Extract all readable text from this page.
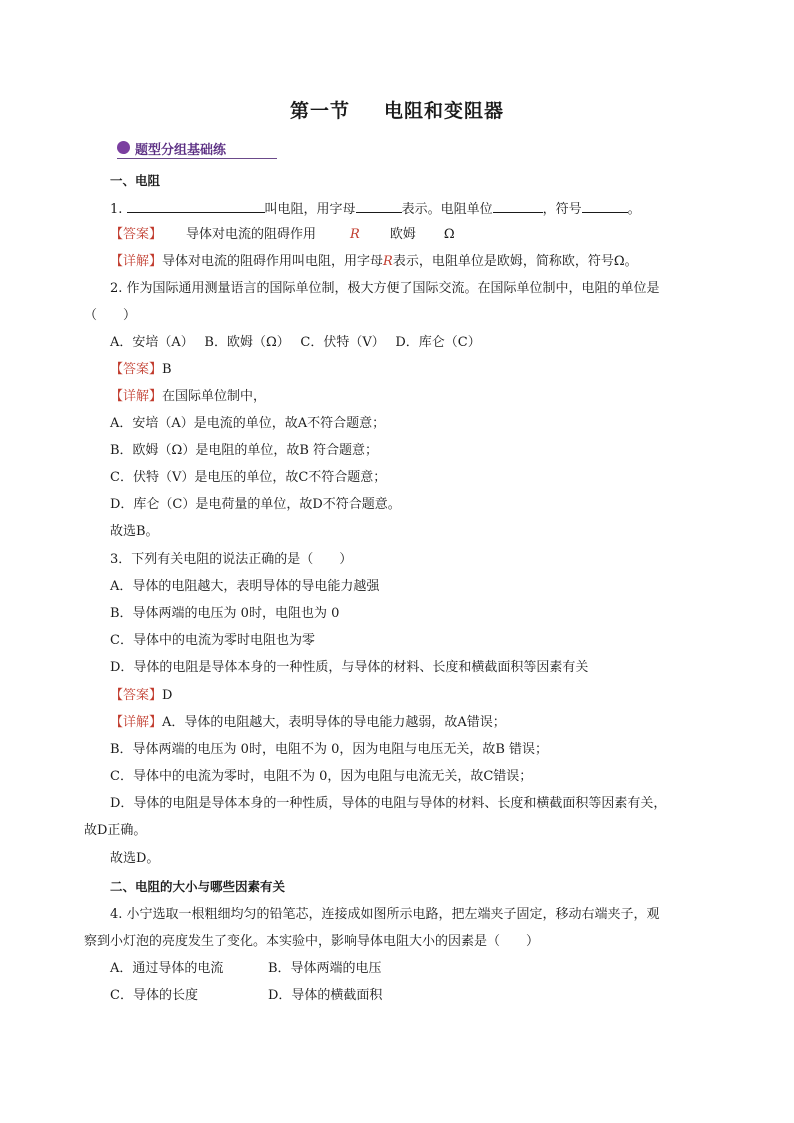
第一节 电阻和变阻器
题型分组基础练
一、电阻
1.	叫电阻，用字母	表示。电阻单位	，符号	。
【答案】 导体对电流的阻碍作用	R 欧姆 Ω
【详解】导体对电流的阻碍作用叫电阻，用字母R表示，电阻单位是欧姆，简称欧，符号Ω。
2. 作为国际通用测量语言的国际单位制，极大方便了国际交流。在国际单位制中，电阻的单位是
（　　）
A．安培（A）　 B．欧姆（Ω）　 C．伏特（V）　 D．库仑（C）
【答案】B
【详解】在国际单位制中，
A．安培（A）是电流的单位，故A不符合题意；
B．欧姆（Ω）是电阻的单位，故B 符合题意；
C．伏特（V）是电压的单位，故C不符合题意；
D．库仑（C）是电荷量的单位，故D不符合题意。
故选B。
3．下列有关电阻的说法正确的是（　　）
A．导体的电阻越大，表明导体的导电能力越强
B．导体两端的电压为 0时，电阻也为 0
C．导体中的电流为零时电阻也为零
D．导体的电阻是导体本身的一种性质，与导体的材料、长度和横截面积等因素有关
【答案】D
【详解】A．导体的电阻越大，表明导体的导电能力越弱，故A错误；
B．导体两端的电压为 0时，电阻不为 0，因为电阻与电压无关，故B 错误；
C．导体中的电流为零时，电阻不为 0，因为电阻与电流无关，故C错误；
D．导体的电阻是导体本身的一种性质，导体的电阻与导体的材料、长度和横截面积等因素有关，
故D正确。
故选D。
二、电阻的大小与哪些因素有关
4. 小宁选取一根粗细均匀的铅笔芯，连接成如图所示电路，把左端夹子固定，移动右端夹子，观
察到小灯泡的亮度发生了变化。本实验中，影响导体电阻大小的因素是（　　）
A．通过导体的电流	B．导体两端的电压
C．导体的长度	D．导体的横截面积
